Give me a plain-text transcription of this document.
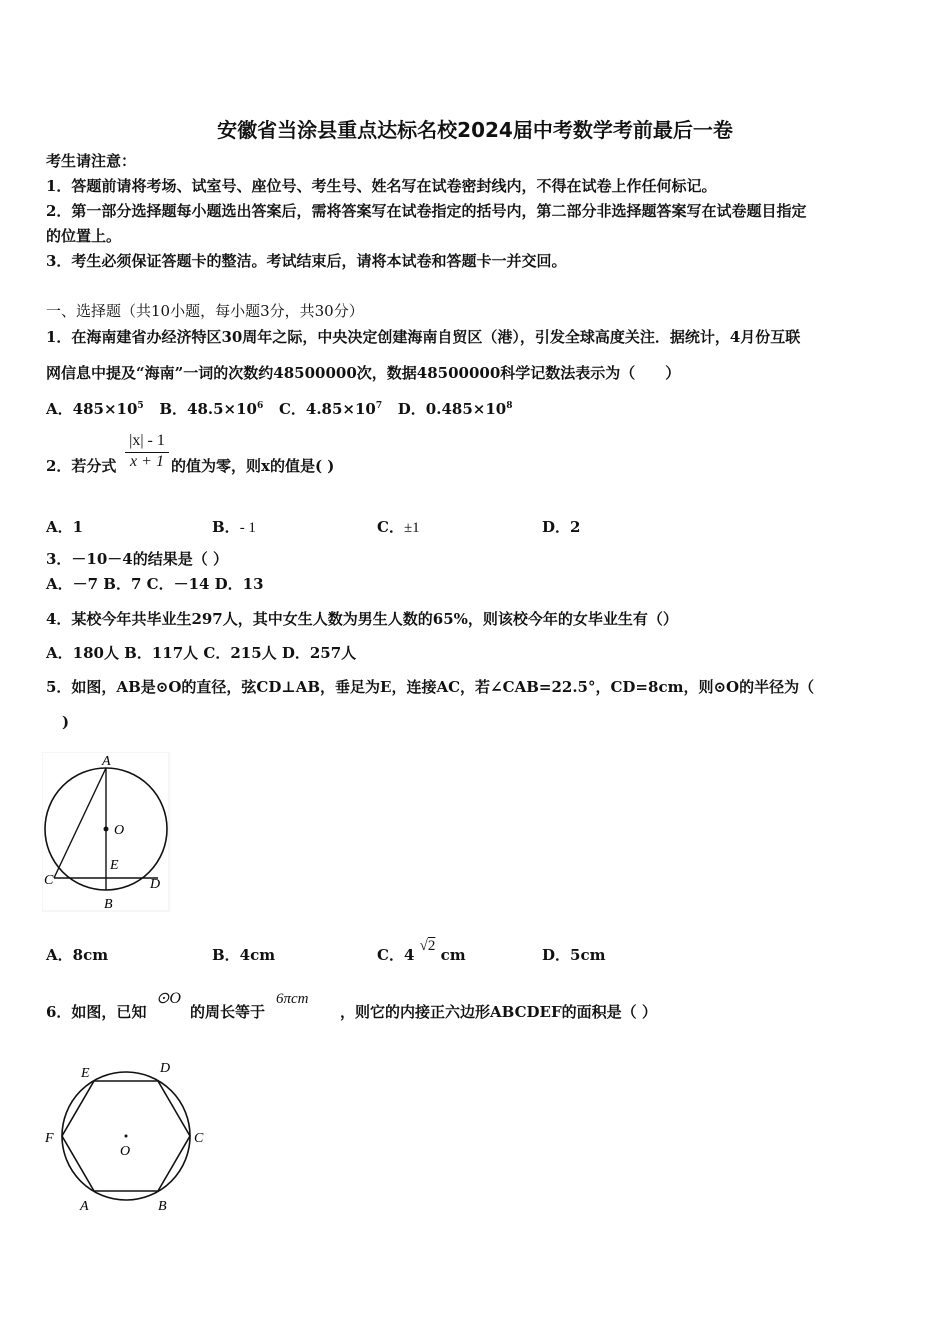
安徽省当涂县重点达标名校2024届中考数学考前最后一卷
考生请注意：
1．答题前请将考场、试室号、座位号、考生号、姓名写在试卷密封线内，不得在试卷上作任何标记。
2．第一部分选择题每小题选出答案后，需将答案写在试卷指定的括号内，第二部分非选择题答案写在试卷题目指定
的位置上。
3．考生必须保证答题卡的整洁。考试结束后，请将本试卷和答题卡一并交回。
一、选择题（共10小题，每小题3分，共30分）
1．在海南建省办经济特区30周年之际，中央决定创建海南自贸区（港），引发全球高度关注．据统计，4月份互联
网信息中提及“海南”一词的次数约48500000次，数据48500000科学记数法表示为（　　）
A．$485\times 10^5$ B．$48.5\times 10^6$ C．$4.85\times 10^7$ D．$0.485\times 10^8$
2．若分式 $\frac{|x| - 1}{x + 1}$ 的值为零，则x的值是( )
A．1	B．- 1	C．±1	D．2
3．－10－4的结果是（ ）
A．－7 B．7 C．－14 D．13
4．某校今年共毕业生297人，其中女生人数为男生人数的65%，则该校今年的女毕业生有（）
A．180人 B．117人 C．215人 D．257人
5．如图，AB是⊙O的直径，弦CD⊥AB，垂足为E，连接AC，若∠CAB=22.5°，CD=8cm，则⊙O的半径为（
)
A
O
E
C	D
B
A．8cm	B．4cm	C．4 √2 cm	D．5cm
6．如图，已知
⊙O
的周长等于
6πcm
，则它的内接正六边形ABCDEF的面积是（ ）
O
E	D
F	C
A	B
